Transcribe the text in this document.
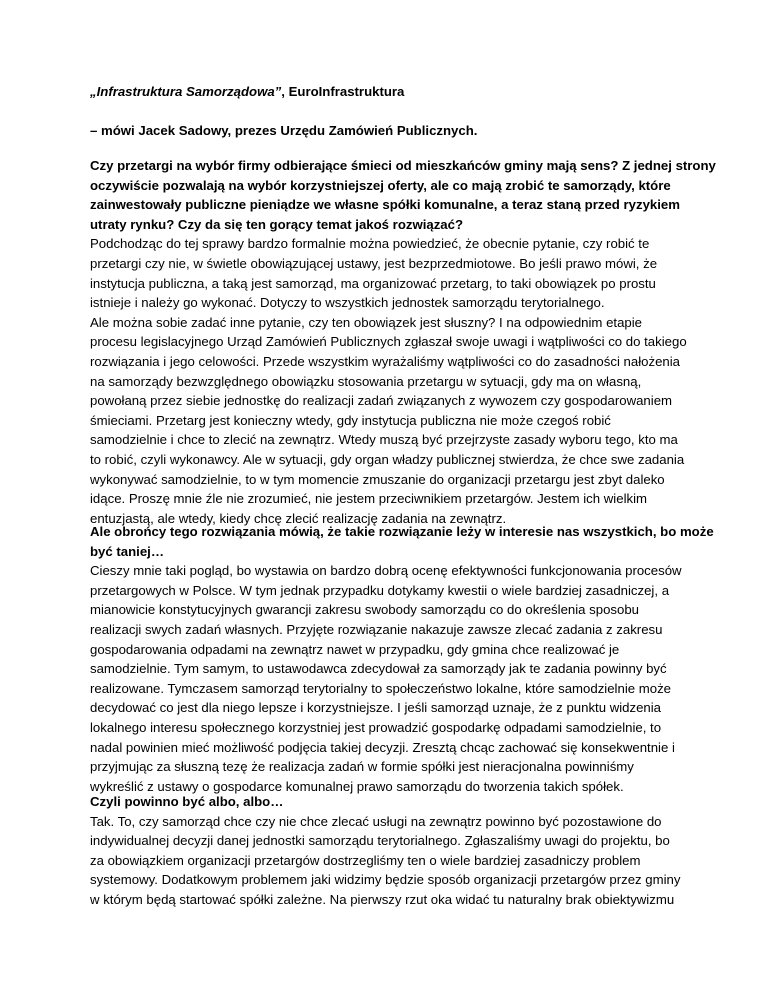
„Infrastruktura Samorządowa”, EuroInfrastruktura
– mówi Jacek Sadowy, prezes Urzędu Zamówień Publicznych.
Czy przetargi na wybór firmy odbierające śmieci od mieszkańców gminy mają sens? Z jednej strony
oczywiście pozwalają na wybór korzystniejszej oferty, ale co mają zrobić te samorządy, które
zainwestowały publiczne pieniądze we własne spółki komunalne, a teraz staną przed ryzykiem
utraty rynku? Czy da się ten gorący temat jakoś rozwiązać?
Podchodząc do tej sprawy bardzo formalnie można powiedzieć, że obecnie pytanie, czy robić te
przetargi czy nie, w świetle obowiązującej ustawy, jest bezprzedmiotowe. Bo jeśli prawo mówi, że
instytucja publiczna, a taką jest samorząd, ma organizować przetarg, to taki obowiązek po prostu
istnieje i należy go wykonać. Dotyczy to wszystkich jednostek samorządu terytorialnego.
Ale można sobie zadać inne pytanie, czy ten obowiązek jest słuszny? I na odpowiednim etapie
procesu legislacyjnego Urząd Zamówień Publicznych zgłaszał swoje uwagi i wątpliwości co do takiego
rozwiązania i jego celowości. Przede wszystkim wyrażaliśmy wątpliwości co do zasadności nałożenia
na samorządy bezwzględnego obowiązku stosowania przetargu w sytuacji, gdy ma on własną,
powołaną przez siebie jednostkę do realizacji zadań związanych z wywozem czy gospodarowaniem
śmieciami. Przetarg jest konieczny wtedy, gdy instytucja publiczna nie może czegoś robić
samodzielnie i chce to zlecić na zewnątrz. Wtedy muszą być przejrzyste zasady wyboru tego, kto ma
to robić, czyli wykonawcy. Ale w sytuacji, gdy organ władzy publicznej stwierdza, że chce swe zadania
wykonywać samodzielnie, to w tym momencie zmuszanie do organizacji przetargu jest zbyt daleko
idące. Proszę mnie źle nie zrozumieć, nie jestem przeciwnikiem przetargów. Jestem ich wielkim
entuzjastą, ale wtedy, kiedy chcę zlecić realizację zadania na zewnątrz.
Ale obrońcy tego rozwiązania mówią, że takie rozwiązanie leży w interesie nas wszystkich, bo może
być taniej…
Cieszy mnie taki pogląd, bo wystawia on bardzo dobrą ocenę efektywności funkcjonowania procesów
przetargowych w Polsce. W tym jednak przypadku dotykamy kwestii o wiele bardziej zasadniczej, a
mianowicie konstytucyjnych gwarancji zakresu swobody samorządu co do określenia sposobu
realizacji swych zadań własnych. Przyjęte rozwiązanie nakazuje zawsze zlecać zadania z zakresu
gospodarowania odpadami na zewnątrz nawet w przypadku, gdy gmina chce realizować je
samodzielnie. Tym samym, to ustawodawca zdecydował za samorządy jak te zadania powinny być
realizowane. Tymczasem samorząd terytorialny to społeczeństwo lokalne, które samodzielnie może
decydować co jest dla niego lepsze i korzystniejsze. I jeśli samorząd uznaje, że z punktu widzenia
lokalnego interesu społecznego korzystniej jest prowadzić gospodarkę odpadami samodzielnie, to
nadal powinien mieć możliwość podjęcia takiej decyzji. Zresztą chcąc zachować się konsekwentnie i
przyjmując za słuszną tezę że realizacja zadań w formie spółki jest nieracjonalna powinniśmy
wykreślić z ustawy o gospodarce komunalnej prawo samorządu do tworzenia takich spółek.
Czyli powinno być albo, albo…
Tak. To, czy samorząd chce czy nie chce zlecać usługi na zewnątrz powinno być pozostawione do
indywidualnej decyzji danej jednostki samorządu terytorialnego. Zgłaszaliśmy uwagi do projektu, bo
za obowiązkiem organizacji przetargów dostrzegliśmy ten o wiele bardziej zasadniczy problem
systemowy. Dodatkowym problemem jaki widzimy będzie sposób organizacji przetargów przez gminy
w którym będą startować spółki zależne. Na pierwszy rzut oka widać tu naturalny brak obiektywizmu
